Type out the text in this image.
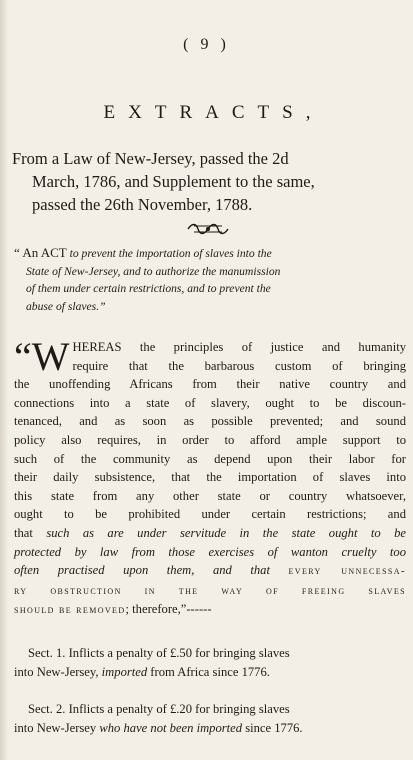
( 9 )
EXTRACTS,
From a Law of New-Jersey, passed the 2d
March, 1786, and Supplement to the same,
passed the 26th November, 1788.
“ An ACT to prevent the importation of slaves into the
State of New-Jersey, and to authorize the manumission
of them under certain restrictions, and to prevent the
abuse of slaves.”
“W HEREAS the principles of justice and humanity
require that the barbarous custom of bringing
the unoffending Africans from their native country and
connections into a state of slavery, ought to be discoun-
tenanced, and as soon as possible prevented; and sound
policy also requires, in order to afford ample support to
such of the community as depend upon their labor for
their daily subsistence, that the importation of slaves into
this state from any other state or country whatsoever,
ought to be prohibited under certain restrictions; and
that such as are under servitude in the state ought to be
protected by law from those exercises of wanton cruelty too
often practised upon them, and that every unnecessa-
ry obstruction in the way of freeing slaves
should be removed; therefore,”------
Sect. 1. Inflicts a penalty of £.50 for bringing slaves
into New-Jersey, imported from Africa since 1776.
Sect. 2. Inflicts a penalty of £.20 for bringing slaves
into New-Jersey who have not been imported since 1776.
